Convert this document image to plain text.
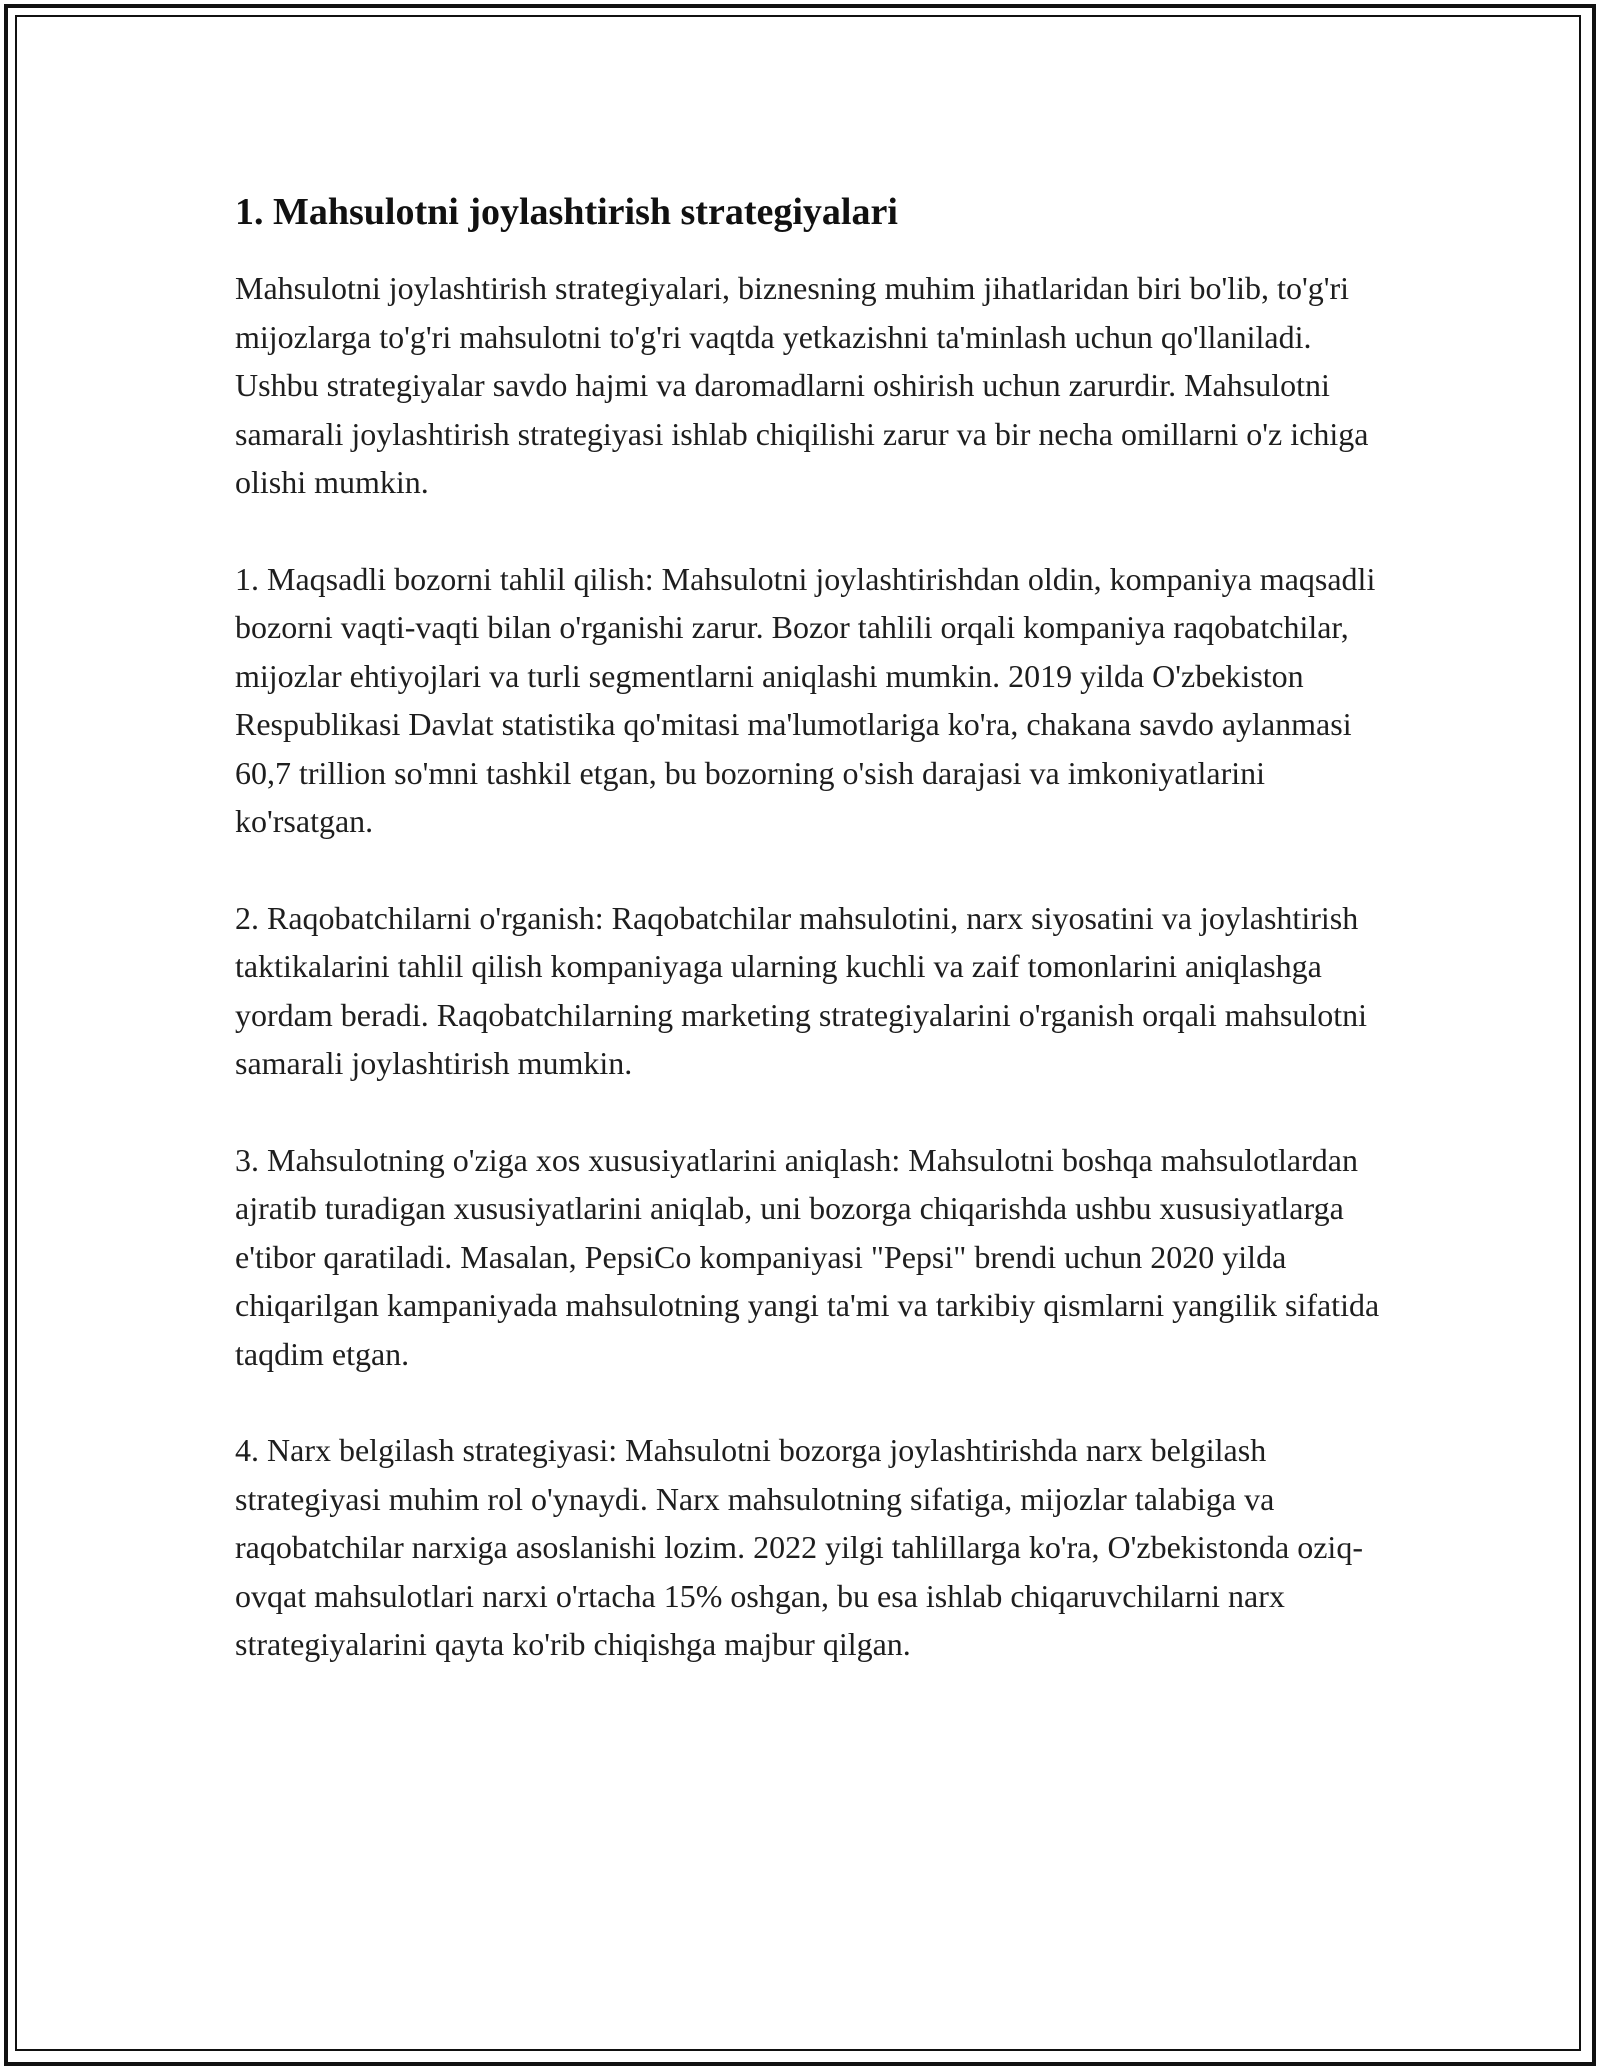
1. Mahsulotni joylashtirish strategiyalari

Mahsulotni joylashtirish strategiyalari, biznesning muhim jihatlaridan biri bo'lib, to'g'ri mijozlarga to'g'ri mahsulotni to'g'ri vaqtda yetkazishni ta'minlash uchun qo'llaniladi. Ushbu strategiyalar savdo hajmi va daromadlarni oshirish uchun zarurdir. Mahsulotni samarali joylashtirish strategiyasi ishlab chiqilishi zarur va bir necha omillarni o'z ichiga olishi mumkin.

1. Maqsadli bozorni tahlil qilish: Mahsulotni joylashtirishdan oldin, kompaniya maqsadli bozorni vaqti-vaqti bilan o'rganishi zarur. Bozor tahlili orqali kompaniya raqobatchilar, mijozlar ehtiyojlari va turli segmentlarni aniqlashi mumkin. 2019 yilda O'zbekiston Respublikasi Davlat statistika qo'mitasi ma'lumotlariga ko'ra, chakana savdo aylanmasi 60,7 trillion so'mni tashkil etgan, bu bozorning o'sish darajasi va imkoniyatlarini ko'rsatgan.

2. Raqobatchilarni o'rganish: Raqobatchilar mahsulotini, narx siyosatini va joylashtirish taktikalarini tahlil qilish kompaniyaga ularning kuchli va zaif tomonlarini aniqlashga yordam beradi. Raqobatchilarning marketing strategiyalarini o'rganish orqali mahsulotni samarali joylashtirish mumkin.

3. Mahsulotning o'ziga xos xususiyatlarini aniqlash: Mahsulotni boshqa mahsulotlardan ajratib turadigan xususiyatlarini aniqlab, uni bozorga chiqarishda ushbu xususiyatlarga e'tibor qaratiladi. Masalan, PepsiCo kompaniyasi "Pepsi" brendi uchun 2020 yilda chiqarilgan kampaniyada mahsulotning yangi ta'mi va tarkibiy qismlarni yangilik sifatida taqdim etgan.

4. Narx belgilash strategiyasi: Mahsulotni bozorga joylashtirishda narx belgilash strategiyasi muhim rol o'ynaydi. Narx mahsulotning sifatiga, mijozlar talabiga va raqobatchilar narxiga asoslanishi lozim. 2022 yilgi tahlillarga ko'ra, O'zbekistonda oziq-ovqat mahsulotlari narxi o'rtacha 15% oshgan, bu esa ishlab chiqaruvchilarni narx strategiyalarini qayta ko'rib chiqishga majbur qilgan.
